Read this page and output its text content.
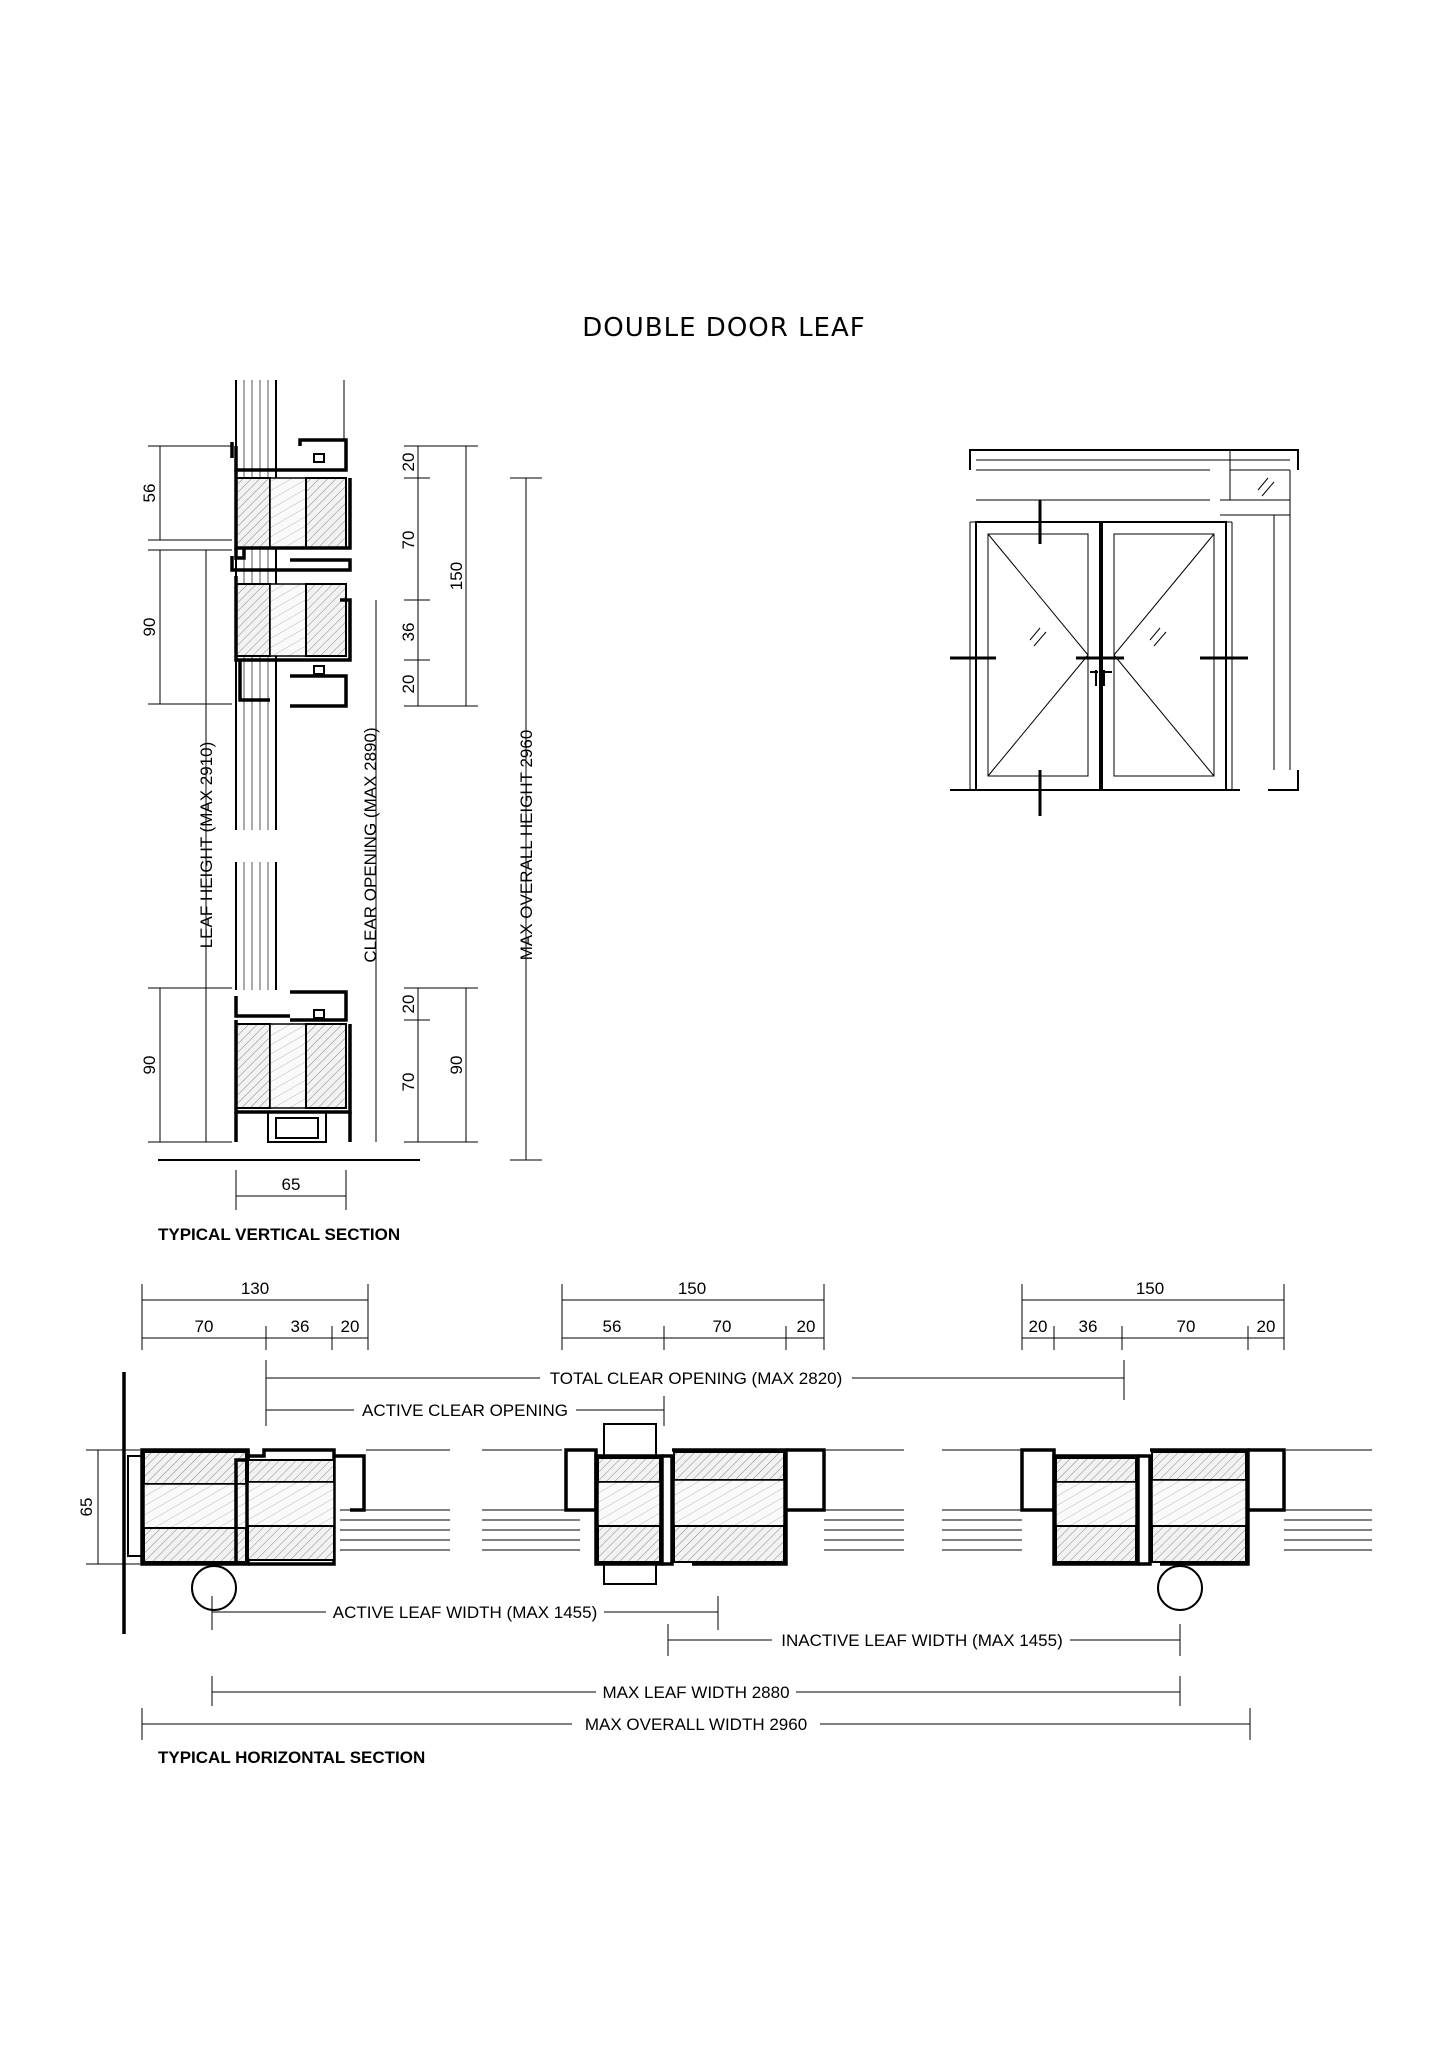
DOUBLE DOOR LEAF
56
90
90
LEAF HEIGHT (MAX 2910)
20
70
36
20
20
70
150
90
CLEAR OPENING (MAX 2890)	MAX OVERALL HEIGHT 2960
65
TYPICAL VERTICAL SECTION
130
70	36 20
150
56	70	20
150
20 36	70	20
TOTAL CLEAR OPENING (MAX 2820)
ACTIVE CLEAR OPENING
65
ACTIVE LEAF WIDTH (MAX 1455)
INACTIVE LEAF WIDTH (MAX 1455)
MAX LEAF WIDTH 2880
MAX OVERALL WIDTH 2960
TYPICAL HORIZONTAL SECTION
